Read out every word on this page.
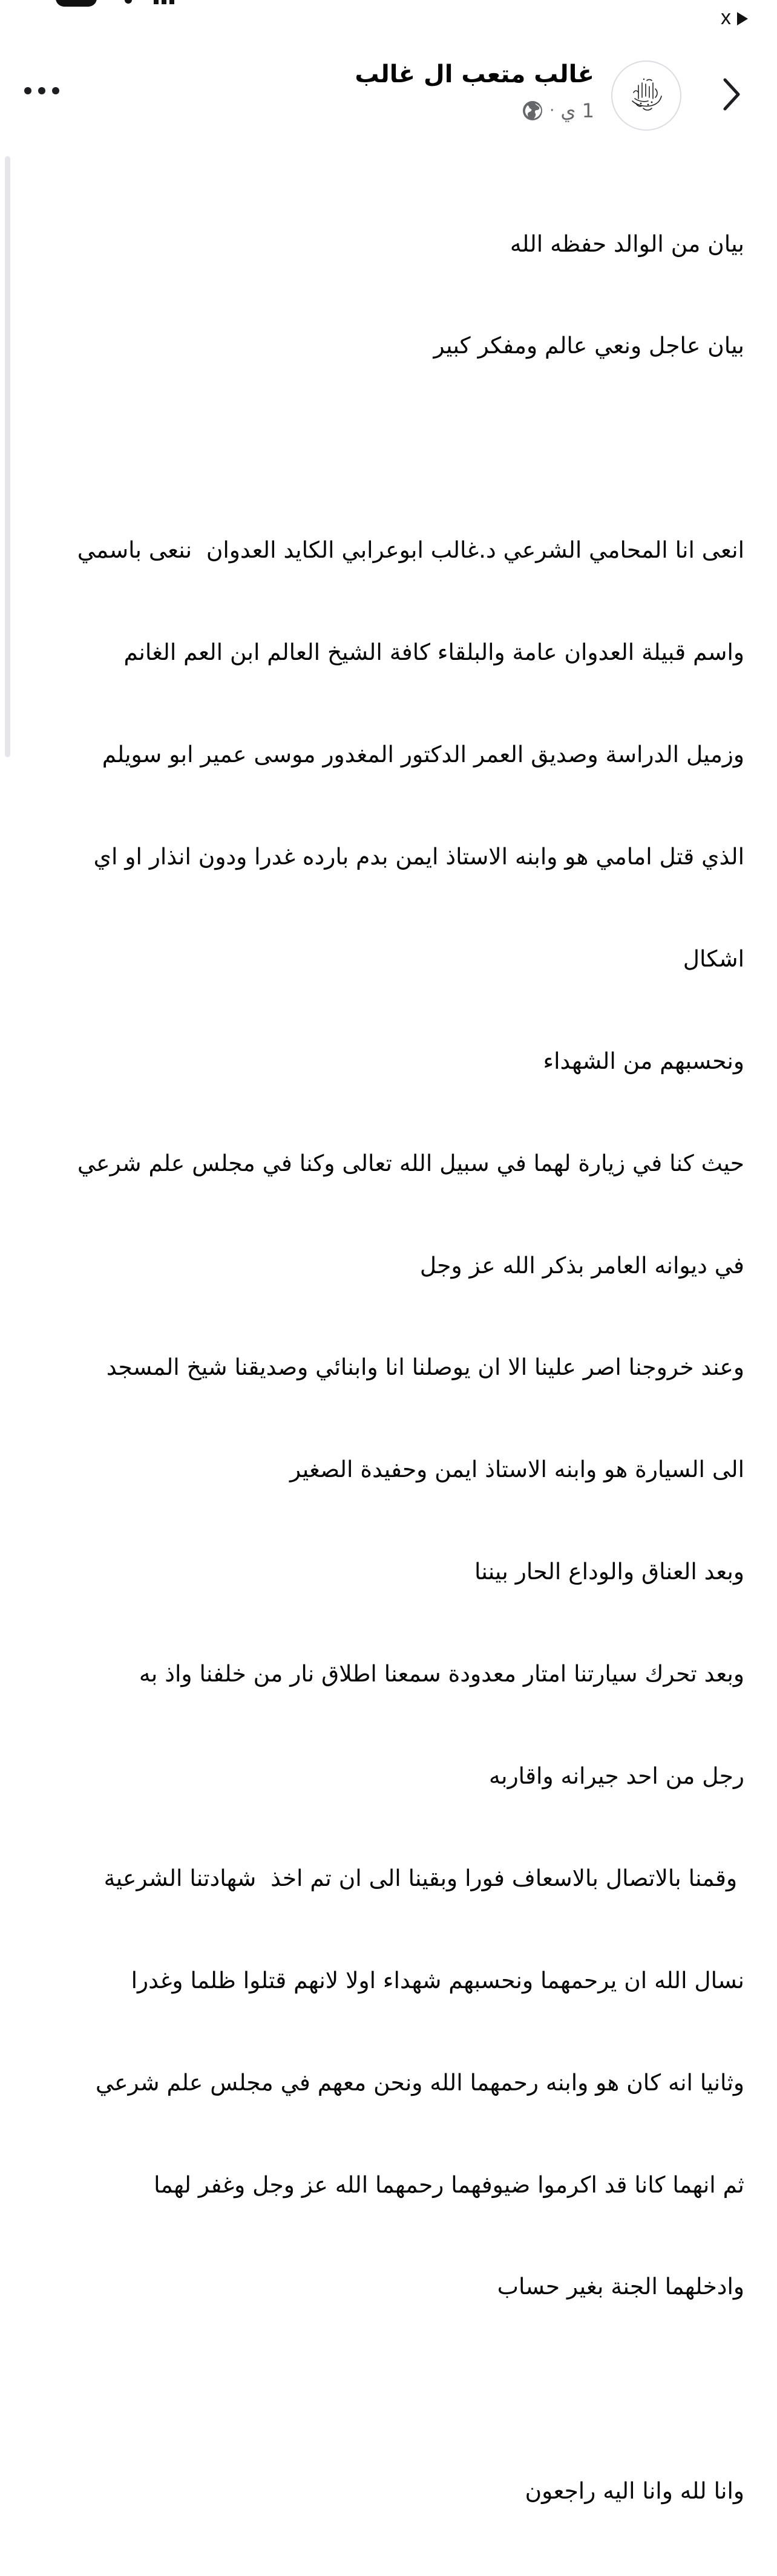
x
غالب متعب ال غالب
1 ي
·

بيان من الوالد حفظه الله

بيان عاجل ونعي عالم ومفكر كبير

انعى انا المحامي الشرعي د.غالب ابوعرابي الكايد العدوان  ننعى باسمي

واسم قبيلة العدوان عامة والبلقاء كافة الشيخ العالم ابن العم الغانم

وزميل الدراسة وصديق العمر الدكتور المغدور موسى عمير ابو سويلم

الذي قتل امامي هو وابنه الاستاذ ايمن بدم بارده غدرا ودون انذار او اي

اشكال

ونحسبهم من الشهداء

حيث كنا في زيارة لهما في سبيل الله تعالى وكنا في مجلس علم شرعي

في ديوانه العامر بذكر الله عز وجل

وعند خروجنا اصر علينا الا ان يوصلنا انا وابنائي وصديقنا شيخ المسجد

الى السيارة هو وابنه الاستاذ ايمن وحفيدة الصغير

وبعد العناق والوداع الحار بيننا

وبعد تحرك سيارتنا امتار معدودة سمعنا اطلاق نار من خلفنا واذ به

رجل من احد جيرانه واقاربه

وقمنا بالاتصال بالاسعاف فورا وبقينا الى ان تم اخذ  شهادتنا الشرعية

نسال الله ان يرحمهما ونحسبهم شهداء اولا لانهم قتلوا ظلما وغدرا

وثانيا انه كان هو وابنه رحمهما الله ونحن معهم في مجلس علم شرعي

ثم انهما كانا قد اكرموا ضيوفهما رحمهما الله عز وجل وغفر لهما

وادخلهما الجنة بغير حساب

وانا لله وانا اليه راجعون
